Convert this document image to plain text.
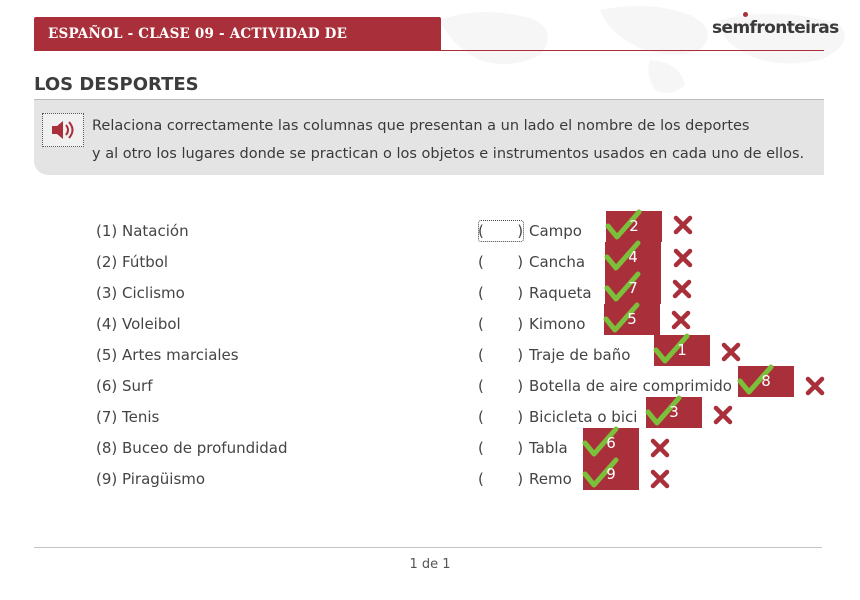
ESPAÑOL - CLASE 09 - ACTIVIDAD DE APRENDIZAJE
semfronteiras
LOS DESPORTES
Relaciona correctamente las columnas que presentan a un lado el nombre de los deportes
y al otro los lugares donde se practican o los objetos e instrumentos usados en cada uno de ellos.
(1) Natación
(2) Fútbol
(3) Ciclismo
(4) Voleibol
(5) Artes marciales
(6) Surf
(7) Tenis
(8) Buceo de profundidad
(9) Piragüismo
(       )
(       )
(       )
(       )
(       )
(       )
(       )
(       )
(       )
Campo
Cancha
Raqueta
Kimono
Traje de baño
Botella de aire comprimido
Bicicleta o bici
Tabla
Remo
2
4
7
5
1
8
3
6
9
1 de 1
